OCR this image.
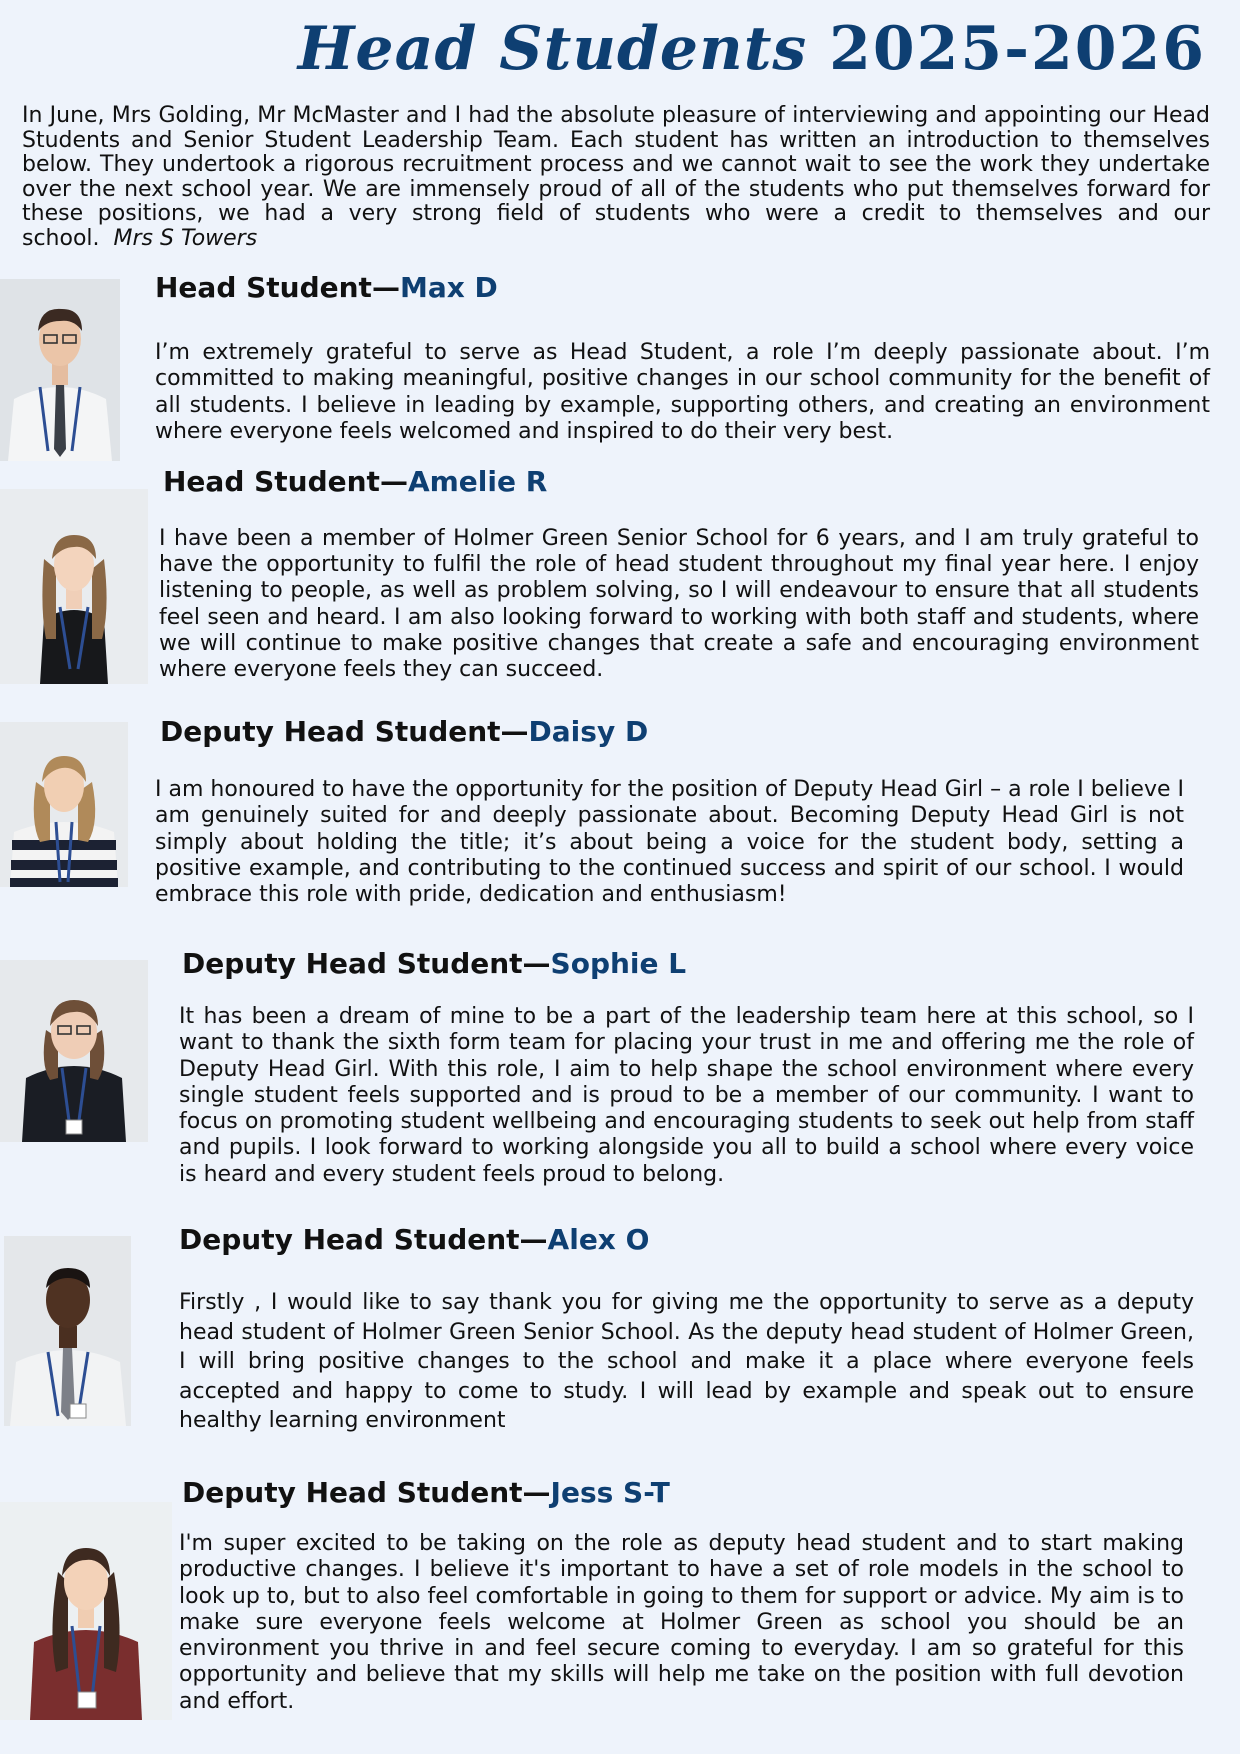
Head Students 2025-2026

In June, Mrs Golding, Mr McMaster and I had the absolute pleasure of interviewing and appointing our Head Students and Senior Student Leadership Team. Each student has written an introduction to themselves below. They undertook a rigorous recruitment process and we cannot wait to see the work they undertake over the next school year. We are immensely proud of all of the students who put themselves forward for these positions, we had a very strong field of students who were a credit to themselves and our school. Mrs S Towers

Head Student—Max D

I’m extremely grateful to serve as Head Student, a role I’m deeply passionate about. I’m committed to making meaningful, positive changes in our school community for the benefit of all students. I believe in leading by example, supporting others, and creating an environment where everyone feels welcomed and inspired to do their very best.

Head Student—Amelie R

I have been a member of Holmer Green Senior School for 6 years, and I am truly grateful to have the opportunity to fulfil the role of head student throughout my final year here. I enjoy listening to people, as well as problem solving, so I will endeavour to ensure that all students feel seen and heard. I am also looking forward to working with both staff and students, where we will continue to make positive changes that create a safe and encouraging environment where everyone feels they can succeed.

Deputy Head Student—Daisy D

I am honoured to have the opportunity for the position of Deputy Head Girl – a role I believe I am genuinely suited for and deeply passionate about. Becoming Deputy Head Girl is not simply about holding the title; it’s about being a voice for the student body, setting a positive example, and contributing to the continued success and spirit of our school. I would embrace this role with pride, dedication and enthusiasm!

Deputy Head Student—Sophie L

It has been a dream of mine to be a part of the leadership team here at this school, so I want to thank the sixth form team for placing your trust in me and offering me the role of Deputy Head Girl. With this role, I aim to help shape the school environment where every single student feels supported and is proud to be a member of our community. I want to focus on promoting student wellbeing and encouraging students to seek out help from staff and pupils. I look forward to working alongside you all to build a school where every voice is heard and every student feels proud to belong.

Deputy Head Student—Alex O

Firstly , I would like to say thank you for giving me the opportunity to serve as a deputy head student of Holmer Green Senior School. As the deputy head student of Holmer Green, I will bring positive changes to the school and make it a place where everyone feels accepted and happy to come to study. I will lead by example and speak out to ensure healthy learning environment

Deputy Head Student—Jess S-T

I'm super excited to be taking on the role as deputy head student and to start making productive changes. I believe it's important to have a set of role models in the school to look up to, but to also feel comfortable in going to them for support or advice. My aim is to make sure everyone feels welcome at Holmer Green as school you should be an environment you thrive in and feel secure coming to everyday. I am so grateful for this opportunity and believe that my skills will help me take on the position with full devotion and effort.
